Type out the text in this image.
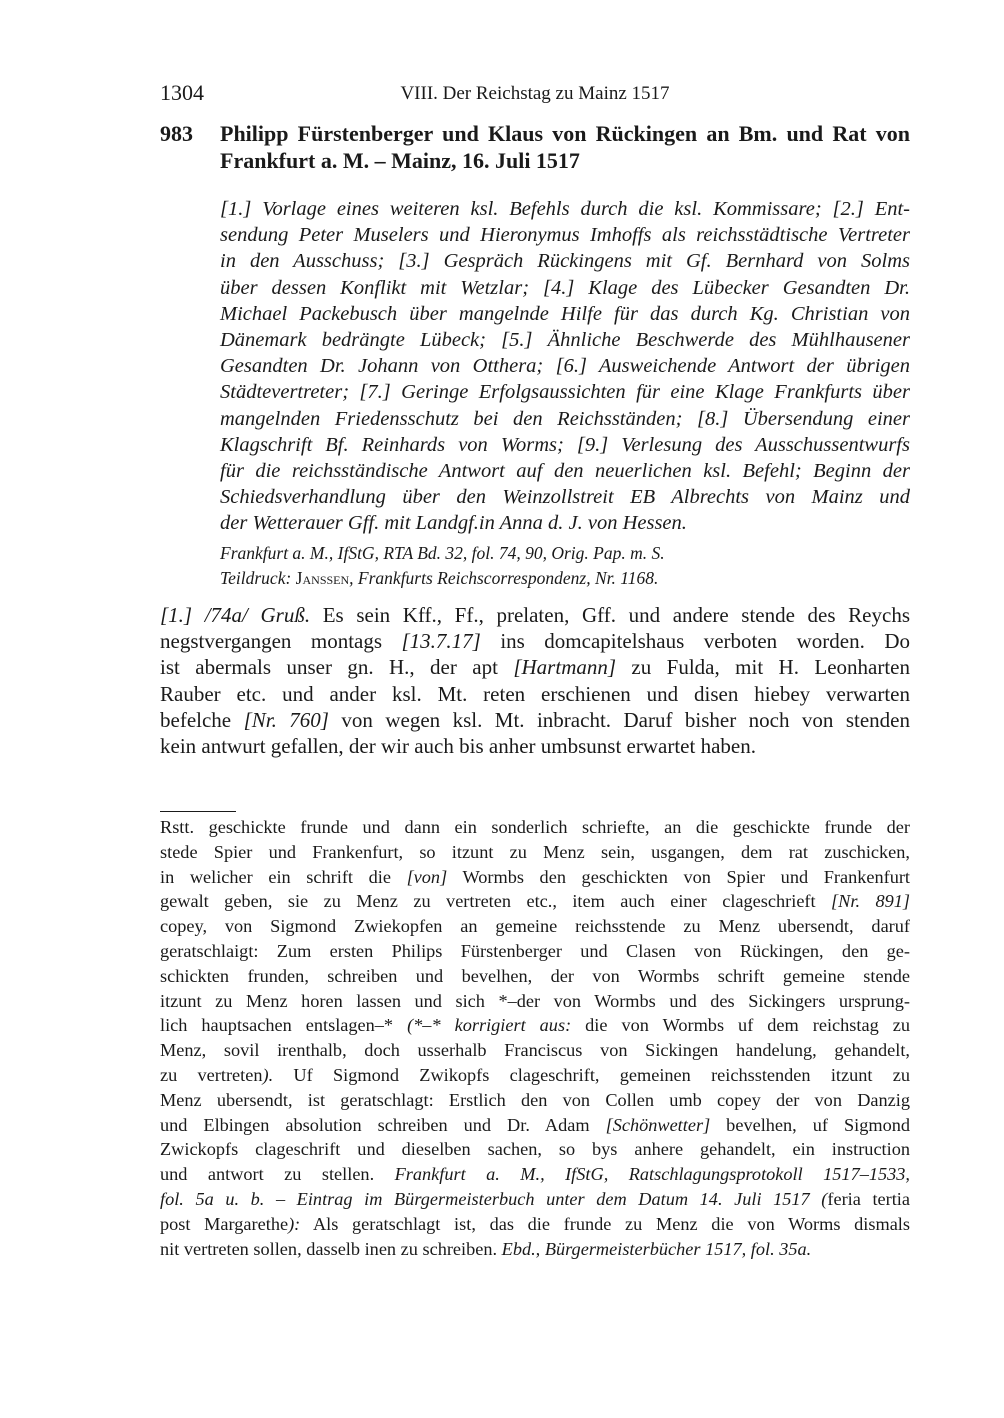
1304	VIII. Der Reichstag zu Mainz 1517
983 Philipp Fürstenberger und Klaus von Rückingen an Bm. und Rat von
Frankfurt a. M. – Mainz, 16. Juli 1517
[1.] Vorlage eines weiteren ksl. Befehls durch die ksl. Kommissare; [2.] Ent-
sendung Peter Muselers und Hieronymus Imhoffs als reichsstädtische Vertreter
in den Ausschuss; [3.] Gespräch Rückingens mit Gf. Bernhard von Solms
über dessen Konflikt mit Wetzlar; [4.] Klage des Lübecker Gesandten Dr.
Michael Packebusch über mangelnde Hilfe für das durch Kg. Christian von
Dänemark bedrängte Lübeck; [5.] Ähnliche Beschwerde des Mühlhausener
Gesandten Dr. Johann von Otthera; [6.] Ausweichende Antwort der übrigen
Städtevertreter; [7.] Geringe Erfolgsaussichten für eine Klage Frankfurts über
mangelnden Friedensschutz bei den Reichsständen; [8.] Übersendung einer
Klagschrift Bf. Reinhards von Worms; [9.] Verlesung des Ausschussentwurfs
für die reichsständische Antwort auf den neuerlichen ksl. Befehl; Beginn der
Schiedsverhandlung über den Weinzollstreit EB Albrechts von Mainz und
der Wetterauer Gff. mit Landgf.in Anna d. J. von Hessen.
Frankfurt a. M., IfStG, RTA Bd. 32, fol. 74, 90, Orig. Pap. m. S.
Teildruck: Janssen, Frankfurts Reichscorrespondenz, Nr. 1168.
[1.] /74a/ Gruß. Es sein Kff., Ff., prelaten, Gff. und andere stende des Reychs
negstvergangen montags [13.7.17] ins domcapitelshaus verboten worden. Do
ist abermals unser gn. H., der apt [Hartmann] zu Fulda, mit H. Leonharten
Rauber etc. und ander ksl. Mt. reten erschienen und disen hiebey verwarten
befelche [Nr. 760] von wegen ksl. Mt. inbracht. Daruf bisher noch von stenden
kein antwurt gefallen, der wir auch bis anher umbsunst erwartet haben.
Rstt. geschickte frunde und dann ein sonderlich schriefte, an die geschickte frunde der
stede Spier und Frankenfurt, so itzunt zu Menz sein, usgangen, dem rat zuschicken,
in welicher ein schrift die [von] Wormbs den geschickten von Spier und Frankenfurt
gewalt geben, sie zu Menz zu vertreten etc., item auch einer clageschrieft [Nr. 891]
copey, von Sigmond Zwiekopfen an gemeine reichsstende zu Menz ubersendt, daruf
geratschlaigt: Zum ersten Philips Fürstenberger und Clasen von Rückingen, den ge-
schickten frunden, schreiben und bevelhen, der von Wormbs schrift gemeine stende
itzunt zu Menz horen lassen und sich *–der von Wormbs und des Sickingers ursprung-
lich hauptsachen entslagen–* (*–* korrigiert aus: die von Wormbs uf dem reichstag zu
Menz, sovil irenthalb, doch usserhalb Franciscus von Sickingen handelung, gehandelt,
zu vertreten). Uf Sigmond Zwikopfs clageschrift, gemeinen reichsstenden itzunt zu
Menz ubersendt, ist geratschlagt: Erstlich den von Collen umb copey der von Danzig
und Elbingen absolution schreiben und Dr. Adam [Schönwetter] bevelhen, uf Sigmond
Zwickopfs clageschrift und dieselben sachen, so bys anhere gehandelt, ein instruction
und antwort zu stellen. Frankfurt a. M., IfStG, Ratschlagungsprotokoll 1517–1533,
fol. 5a u. b. – Eintrag im Bürgermeisterbuch unter dem Datum 14. Juli 1517 (feria tertia
post Margarethe): Als geratschlagt ist, das die frunde zu Menz die von Worms dismals
nit vertreten sollen, dasselb inen zu schreiben. Ebd., Bürgermeisterbücher 1517, fol. 35a.
